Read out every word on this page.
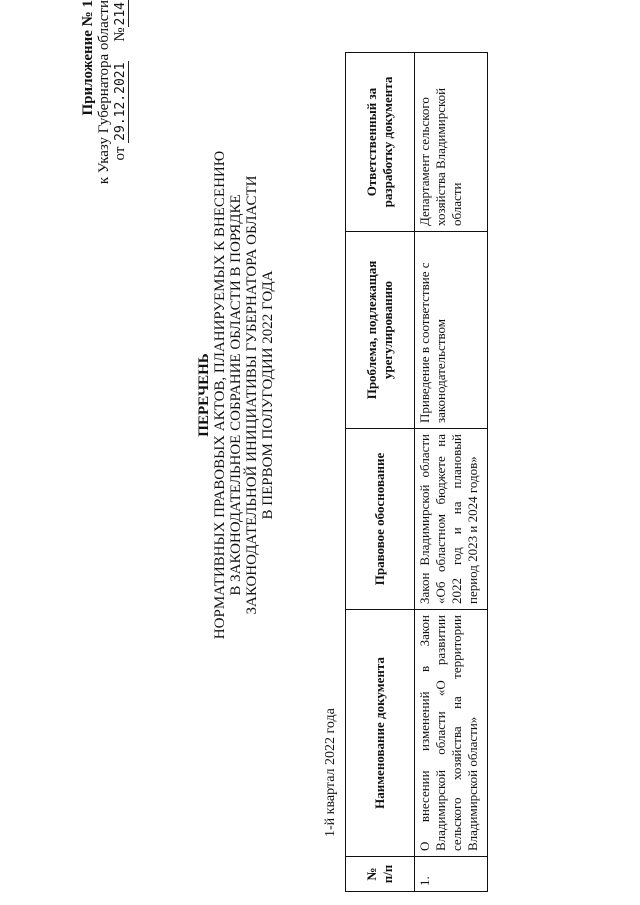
Приложение № 1 к Указу Губернатора области от 29.12.2021     №214
ПЕРЕЧЕНЬ НОРМАТИВНЫХ ПРАВОВЫХ АКТОВ, ПЛАНИРУЕМЫХ К ВНЕСЕНИЮ В ЗАКОНОДАТЕЛЬНОЕ СОБРАНИЕ ОБЛАСТИ В ПОРЯДКЕ ЗАКОНОДАТЕЛЬНОЙ ИНИЦИАТИВЫ ГУБЕРНАТОРА ОБЛАСТИ В ПЕРВОМ ПОЛУГОДИИ 2022 ГОДА
1-й квартал 2022 года
№ п/п	Наименование документа	Правовое обоснование	Проблема, подлежащая урегулированию	Ответственный за разработку документа
1.	О внесении изменений в Закон Владимирской области «О развитии сельского хозяйства на территории Владимирской области»	Закон Владимирской области «Об областном бюджете на 2022 год и на плановый период 2023 и 2024 годов»	Приведение в соответствие с законодательством	Департамент сельского хозяйства Владимирской области
